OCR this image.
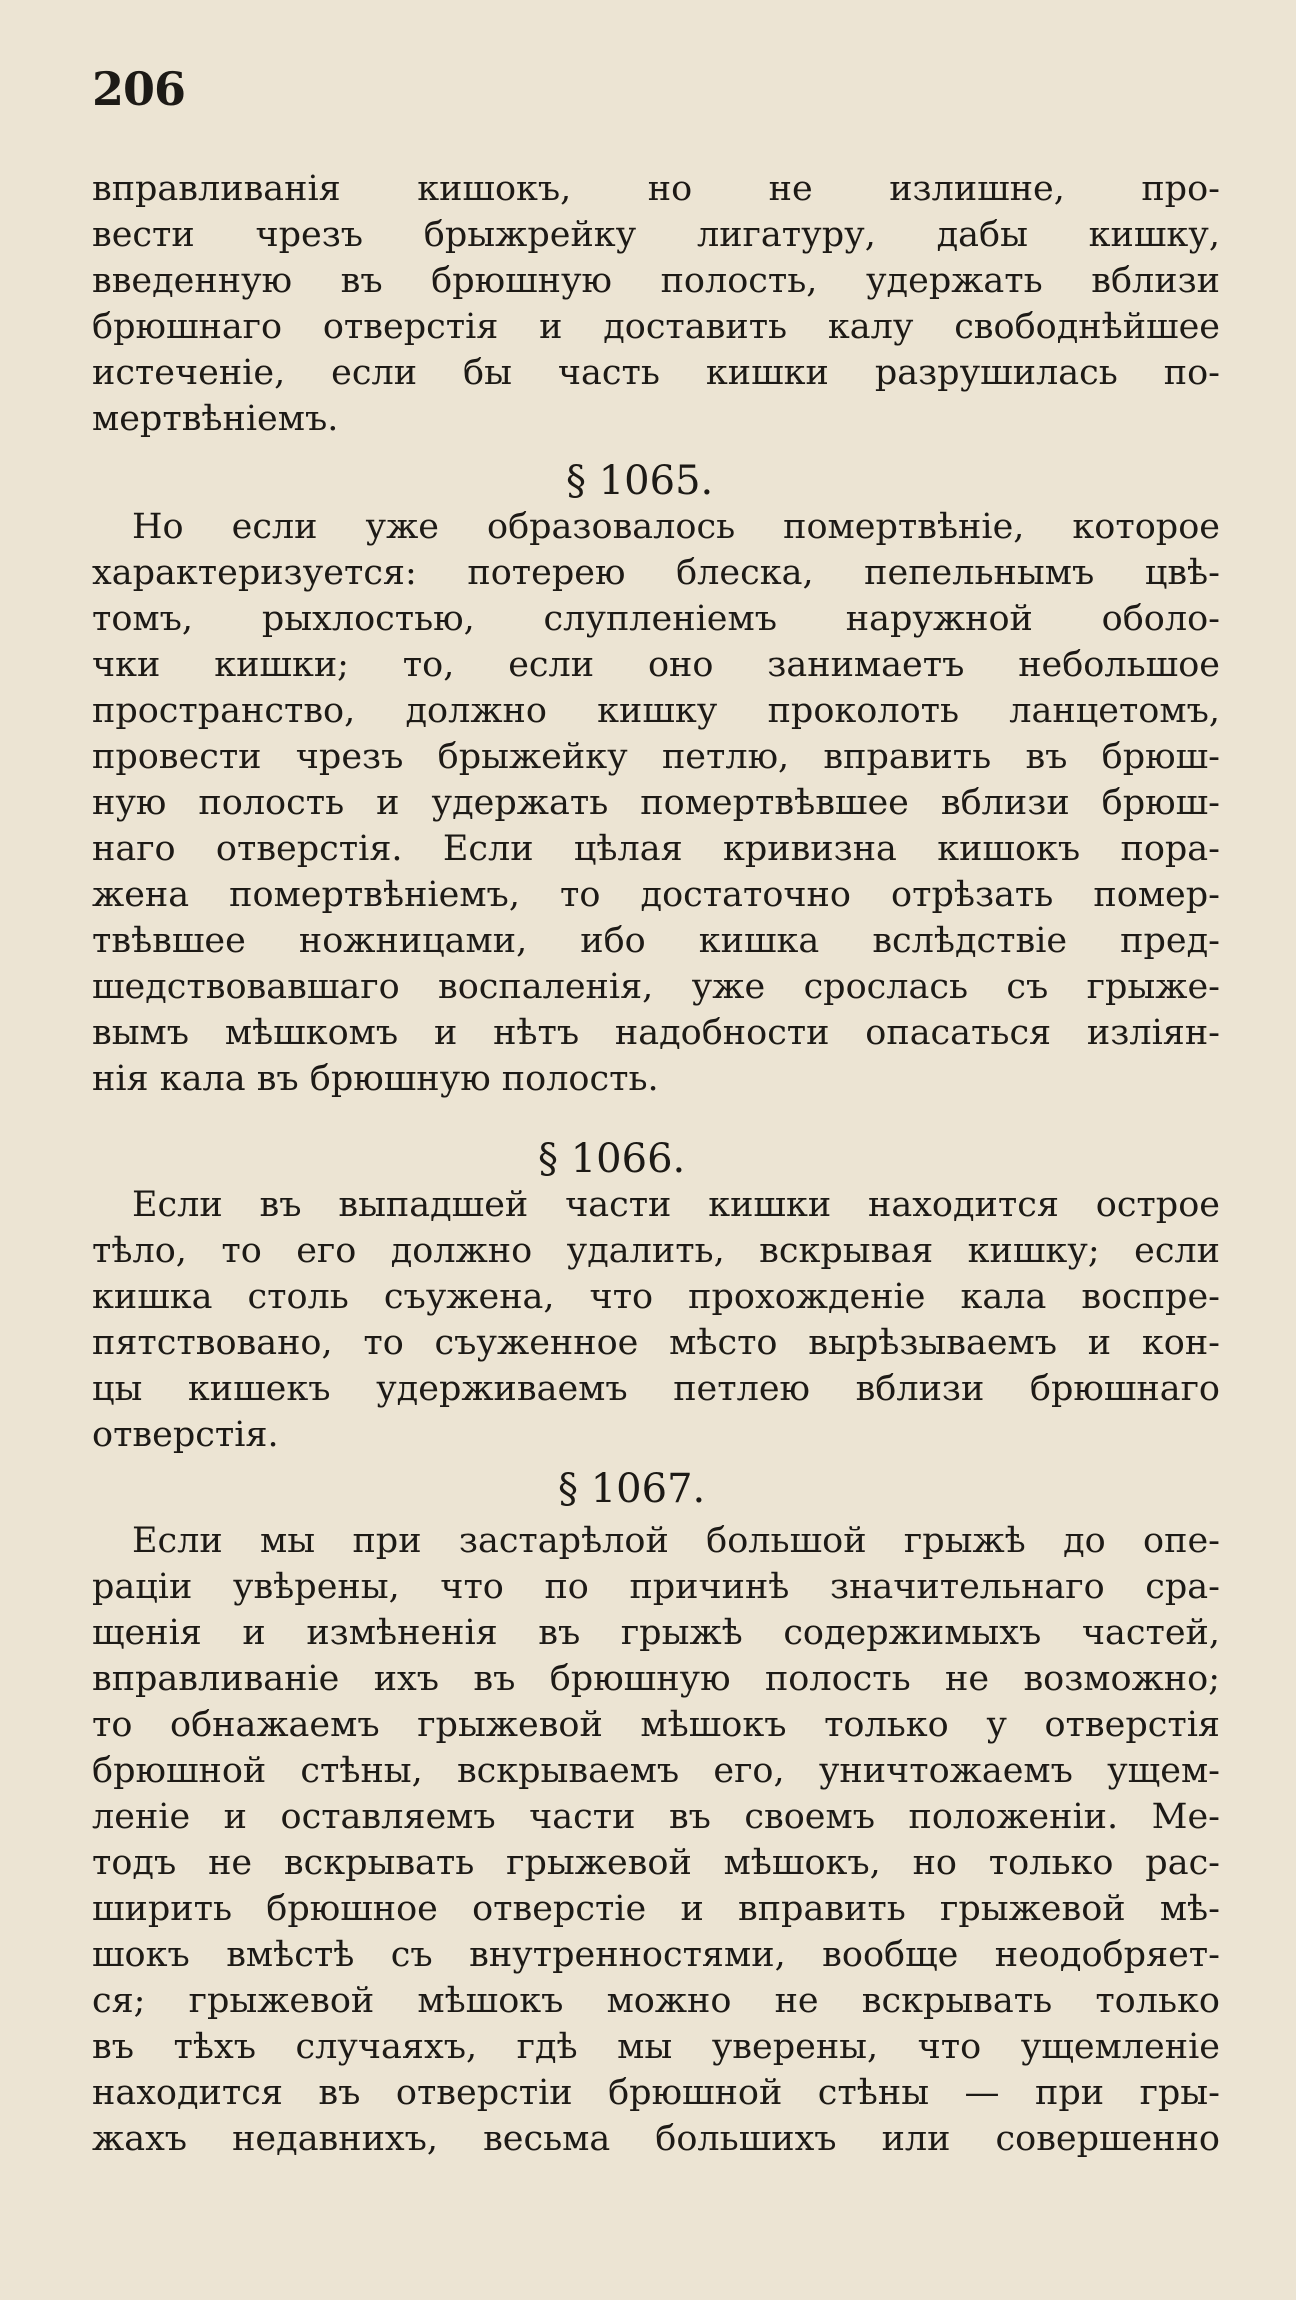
206
вправливанія кишокъ, но не излишне, про-
вести чрезъ брыжрейку лигатуру, дабы кишку,
введенную въ брюшную полость, удержать вблизи
брюшнаго отверстія и доставить калу свободнѣйшее
истеченіе, если бы часть кишки разрушилась по-
мертвѣніемъ.
§ 1065.
Но если уже образовалось помертвѣніе, которое
характеризуется: потерею блеска, пепельнымъ цвѣ-
томъ, рыхлостью, слупленіемъ наружной оболо-
чки кишки; то, если оно занимаетъ небольшое
пространство, должно кишку проколоть ланцетомъ,
провести чрезъ брыжейку петлю, вправить въ брюш-
ную полость и удержать помертвѣвшее вблизи брюш-
наго отверстія. Если цѣлая кривизна кишокъ пора-
жена помертвѣніемъ, то достаточно отрѣзать помер-
твѣвшее ножницами, ибо кишка вслѣдствіе пред-
шедствовавшаго воспаленія, уже срослась съ грыже-
вымъ мѣшкомъ и нѣтъ надобности опасаться изліян-
нія кала въ брюшную полость.
§ 1066.
Если въ выпадшей части кишки находится острое
тѣло, то его должно удалить, вскрывая кишку; если
кишка столь съужена, что прохожденіе кала воспре-
пятствовано, то съуженное мѣсто вырѣзываемъ и кон-
цы кишекъ удерживаемъ петлею вблизи брюшнаго
отверстія.
§ 1067.
Если мы при застарѣлой большой грыжѣ до опе-
раціи увѣрены, что по причинѣ значительнаго сра-
щенія и измѣненія въ грыжѣ содержимыхъ частей,
вправливаніе ихъ въ брюшную полость не возможно;
то обнажаемъ грыжевой мѣшокъ только у отверстія
брюшной стѣны, вскрываемъ его, уничтожаемъ ущем-
леніе и оставляемъ части въ своемъ положеніи. Ме-
тодъ не вскрывать грыжевой мѣшокъ, но только рас-
ширить брюшное отверстіе и вправить грыжевой мѣ-
шокъ вмѣстѣ съ внутренностями, вообще неодобряет-
ся; грыжевой мѣшокъ можно не вскрывать только
въ тѣхъ случаяхъ, гдѣ мы уверены, что ущемленіе
находится въ отверстіи брюшной стѣны — при гры-
жахъ недавнихъ, весьма большихъ или совершенно
